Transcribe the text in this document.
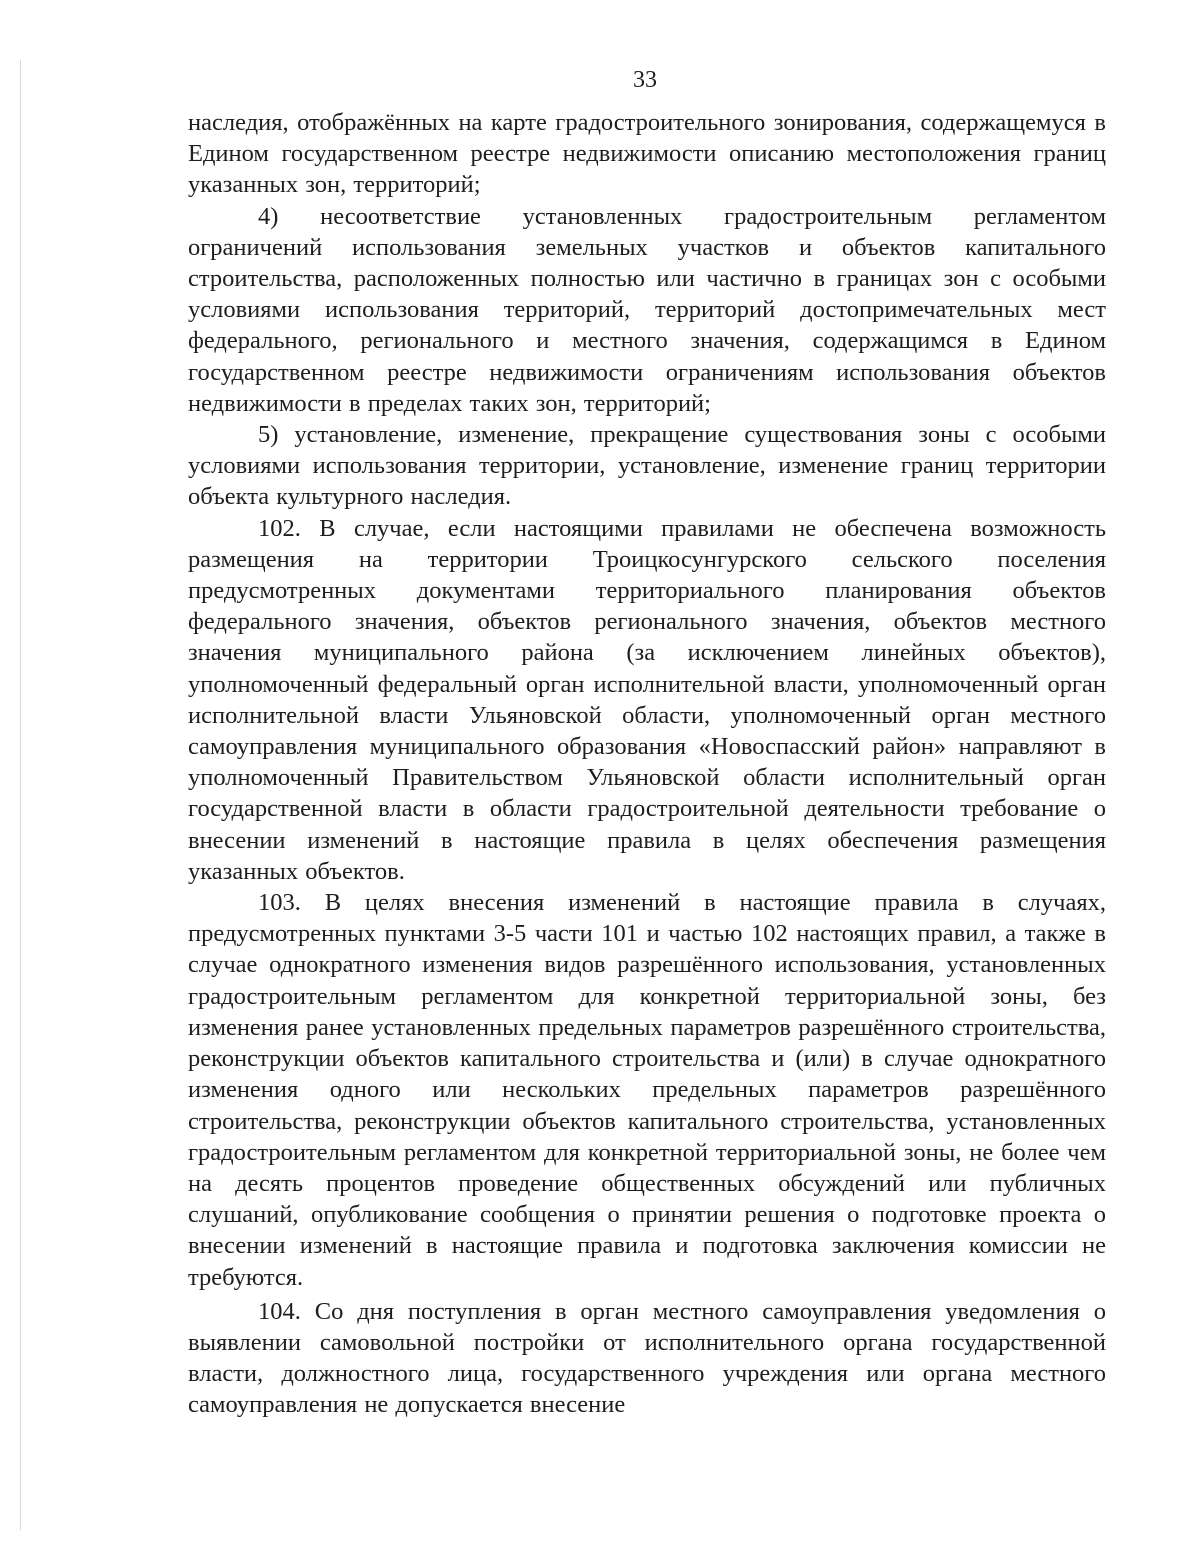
33

наследия, отображённых на карте градостроительного зонирования, содержащемуся в Едином государственном реестре недвижимости описанию местоположения границ указанных зон, территорий;

4) несоответствие установленных градостроительным регламентом ограничений использования земельных участков и объектов капитального строительства, расположенных полностью или частично в границах зон с особыми условиями использования территорий, территорий достопримечательных мест федерального, регионального и местного значения, содержащимся в Едином государственном реестре недвижимости ограничениям использования объектов недвижимости в пределах таких зон, территорий;

5) установление, изменение, прекращение существования зоны с особыми условиями использования территории, установление, изменение границ территории объекта культурного наследия.

102. В случае, если настоящими правилами не обеспечена возможность размещения на территории Троицкосунгурского сельского поселения предусмотренных документами территориального планирования объектов федерального значения, объектов регионального значения, объектов местного значения муниципального района (за исключением линейных объектов), уполномоченный федеральный орган исполнительной власти, уполномоченный орган исполнительной власти Ульяновской области, уполномоченный орган местного самоуправления муниципального образования «Новоспасский район» направляют в уполномоченный Правительством Ульяновской области исполнительный орган государственной власти в области градостроительной деятельности требование о внесении изменений в настоящие правила в целях обеспечения размещения указанных объектов.

103. В целях внесения изменений в настоящие правила в случаях, предусмотренных пунктами 3-5 части 101 и частью 102 настоящих правил, а также в случае однократного изменения видов разрешённого использования, установленных градостроительным регламентом для конкретной территориальной зоны, без изменения ранее установленных предельных параметров разрешённого строительства, реконструкции объектов капитального строительства и (или) в случае однократного изменения одного или нескольких предельных параметров разрешённого строительства, реконструкции объектов капитального строительства, установленных градостроительным регламентом для конкретной территориальной зоны, не более чем на десять процентов проведение общественных обсуждений или публичных слушаний, опубликование сообщения о принятии решения о подготовке проекта о внесении изменений в настоящие правила и подготовка заключения комиссии не требуются.

104. Со дня поступления в орган местного самоуправления уведомления о выявлении самовольной постройки от исполнительного органа государственной власти, должностного лица, государственного учреждения или органа местного самоуправления не допускается внесение
